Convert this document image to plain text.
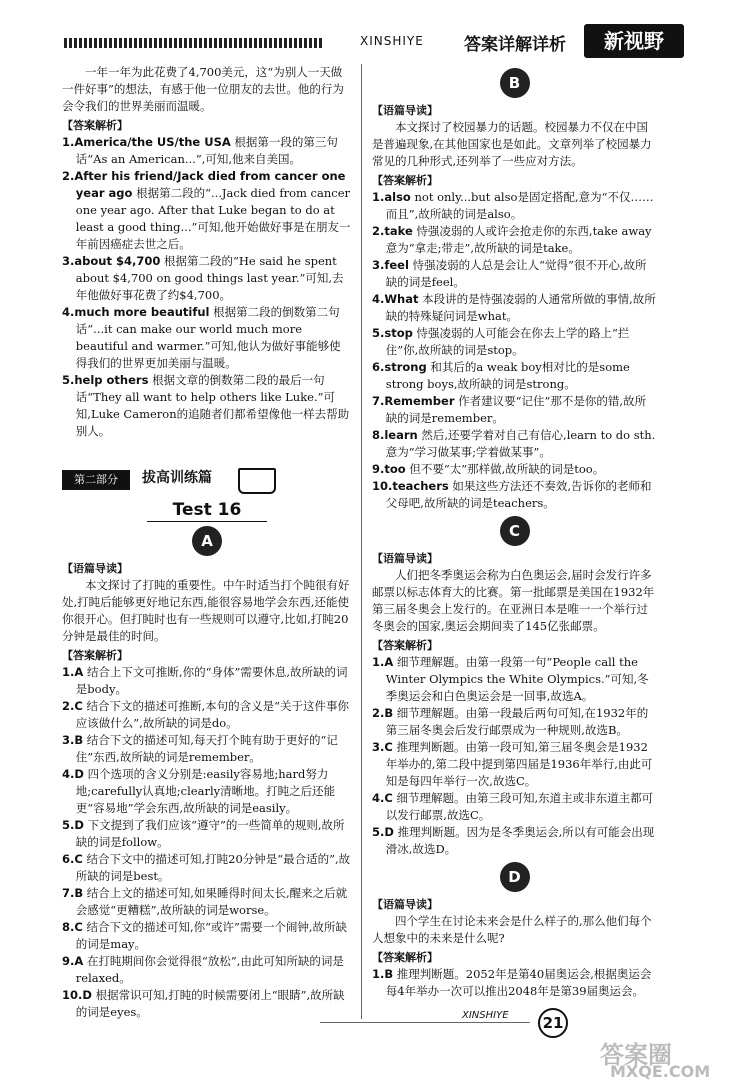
XINSHIYE 答案详解详析	新视野

一年一年为此花费了4,700美元，这“为别人一天做一件好事”的想法，有感于他一位朋友的去世。他的行为会令我们的世界美丽而温暖。

【答案解析】

1.America/the US/the USA 根据第一段的第三句话“As an American...”,可知,他来自美国。

2.After his friend/Jack died from cancer one year ago 根据第二段的“...Jack died from cancer one year ago. After that Luke began to do at least a good thing...”可知,他开始做好事是在朋友一年前因癌症去世之后。

3.about $4,700 根据第二段的“He said he spent about $4,700 on good things last year.”可知,去年他做好事花费了约$4,700。

4.much more beautiful 根据第二段的倒数第二句话“...it can make our world much more beautiful and warmer.”可知,他认为做好事能够使得我们的世界更加美丽与温暖。

5.help others 根据文章的倒数第二段的最后一句话“They all want to help others like Luke.”可知,Luke Cameron的追随者们都希望像他一样去帮助别人。

第二部分	拔高训练篇
Test 16
A

【语篇导读】

本文探讨了打盹的重要性。中午时适当打个盹很有好处,打盹后能够更好地记东西,能很容易地学会东西,还能使你很开心。但打盹时也有一些规则可以遵守,比如,打盹20分钟是最佳的时间。

【答案解析】

1.A 结合上下文可推断,你的“身体”需要休息,故所缺的词是body。

2.C 结合下文的描述可推断,本句的含义是“关于这件事你应该做什么”,故所缺的词是do。

3.B 结合下文的描述可知,每天打个盹有助于更好的“记住”东西,故所缺的词是remember。

4.D 四个选项的含义分别是:easily容易地;hard努力地;carefully认真地;clearly清晰地。打盹之后还能更“容易地”学会东西,故所缺的词是easily。

5.D 下文提到了我们应该“遵守”的一些简单的规则,故所缺的词是follow。

6.C 结合下文中的描述可知,打盹20分钟是“最合适的”,故所缺的词是best。

7.B 结合上文的描述可知,如果睡得时间太长,醒来之后就会感觉“更糟糕”,故所缺的词是worse。

8.C 结合下文的描述可知,你“或许”需要一个闹钟,故所缺的词是may。

9.A 在打盹期间你会觉得很“放松”,由此可知所缺的词是relaxed。

10.D 根据常识可知,打盹的时候需要闭上“眼睛”,故所缺的词是eyes。

B

【语篇导读】

本文探讨了校园暴力的话题。校园暴力不仅在中国是普遍现象,在其他国家也是如此。文章列举了校园暴力常见的几种形式,还列举了一些应对方法。

【答案解析】

1.also not only...but also是固定搭配,意为“不仅……而且”,故所缺的词是also。

2.take 恃强凌弱的人或许会抢走你的东西,take away意为“拿走;带走”,故所缺的词是take。

3.feel 恃强凌弱的人总是会让人“觉得”很不开心,故所缺的词是feel。

4.What 本段讲的是恃强凌弱的人通常所做的事情,故所缺的特殊疑问词是what。

5.stop 恃强凌弱的人可能会在你去上学的路上“拦住”你,故所缺的词是stop。

6.strong 和其后的a weak boy相对比的是some strong boys,故所缺的词是strong。

7.Remember 作者建议要“记住”那不是你的错,故所缺的词是remember。

8.learn 然后,还要学着对自己有信心,learn to do sth.意为“学习做某事;学着做某事”。

9.too 但不要“太”那样做,故所缺的词是too。

10.teachers 如果这些方法还不奏效,告诉你的老师和父母吧,故所缺的词是teachers。

C

【语篇导读】

人们把冬季奥运会称为白色奥运会,届时会发行许多邮票以标志体育大的比赛。第一批邮票是美国在1932年第三届冬奥会上发行的。在亚洲日本是唯一一个举行过冬奥会的国家,奥运会期间卖了145亿张邮票。

【答案解析】

1.A 细节理解题。由第一段第一句“People call the Winter Olympics the White Olympics.”可知,冬季奥运会和白色奥运会是一回事,故选A。

2.B 细节理解题。由第一段最后两句可知,在1932年的第三届冬奥会后发行邮票成为一种规则,故选B。

3.C 推理判断题。由第一段可知,第三届冬奥会是1932年举办的,第二段中提到第四届是1936年举行,由此可知是每四年举行一次,故选C。

4.C 细节理解题。由第三段可知,东道主或非东道主都可以发行邮票,故选C。

5.D 推理判断题。因为是冬季奥运会,所以有可能会出现滑冰,故选D。

D

【语篇导读】

四个学生在讨论未来会是什么样子的,那么他们每个人想象中的未来是什么呢?

【答案解析】

1.B 推理判断题。2052年是第40届奥运会,根据奥运会每4年举办一次可以推出2048年是第39届奥运会。

XINSHIYE	21
答案圈
MXQE.COM
